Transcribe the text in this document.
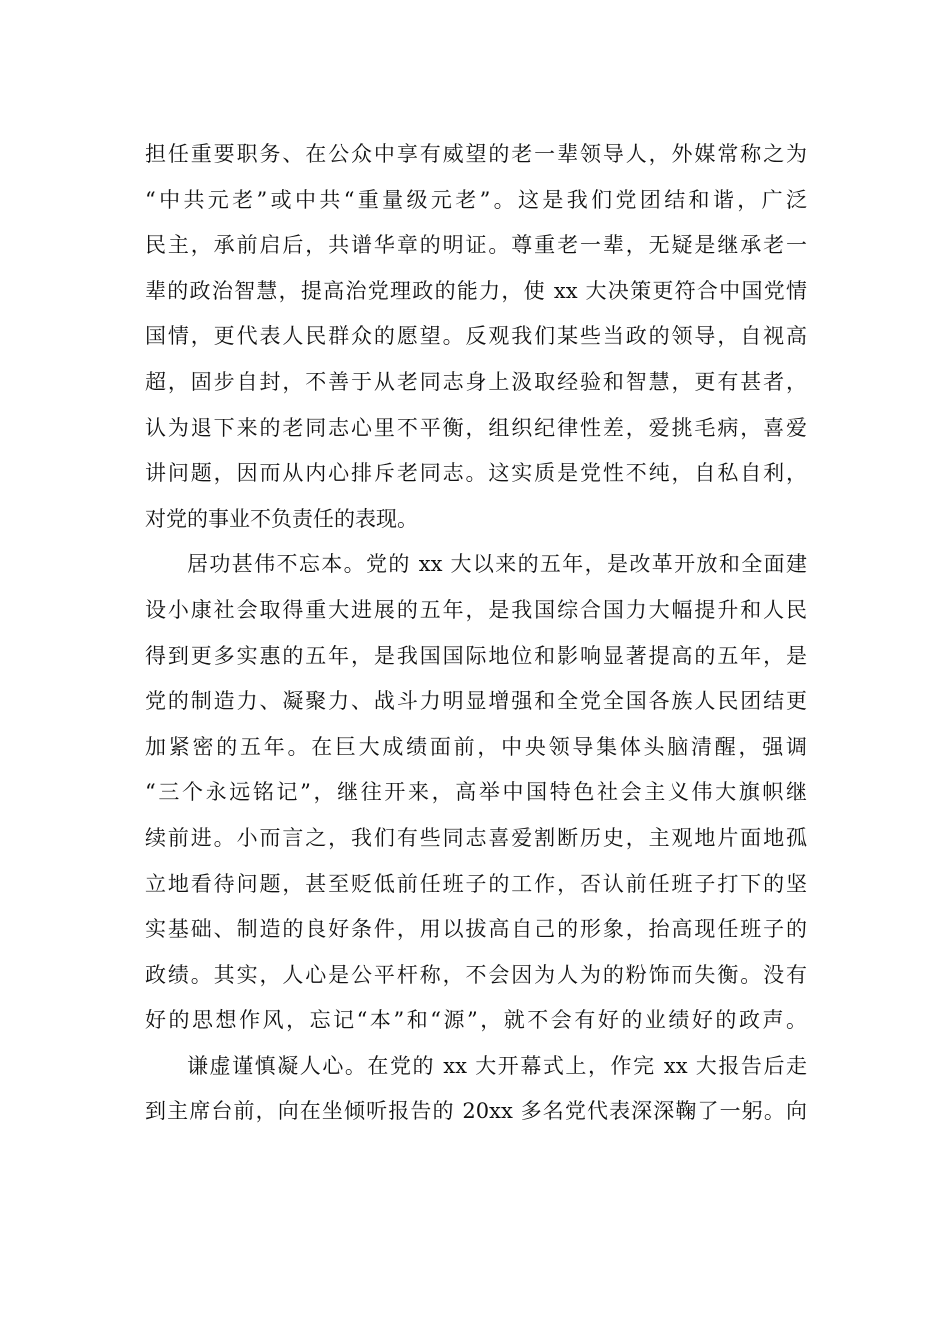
担任重要职务、在公众中享有威望的老一辈领导人，外媒常称之为
“中共元老”或中共“重量级元老”。这是我们党团结和谐，广泛
民主，承前启后，共谱华章的明证。尊重老一辈，无疑是继承老一
辈的政治智慧，提高治党理政的能力，使 xx 大决策更符合中国党情
国情，更代表人民群众的愿望。反观我们某些当政的领导，自视高
超，固步自封，不善于从老同志身上汲取经验和智慧，更有甚者，
认为退下来的老同志心里不平衡，组织纪律性差，爱挑毛病，喜爱
讲问题，因而从内心排斥老同志。这实质是党性不纯，自私自利，
对党的事业不负责任的表现。
居功甚伟不忘本。党的 xx 大以来的五年，是改革开放和全面建
设小康社会取得重大进展的五年，是我国综合国力大幅提升和人民
得到更多实惠的五年，是我国国际地位和影响显著提高的五年，是
党的制造力、凝聚力、战斗力明显增强和全党全国各族人民团结更
加紧密的五年。在巨大成绩面前，中央领导集体头脑清醒，强调
“三个永远铭记”，继往开来，高举中国特色社会主义伟大旗帜继
续前进。小而言之，我们有些同志喜爱割断历史，主观地片面地孤
立地看待问题，甚至贬低前任班子的工作，否认前任班子打下的坚
实基础、制造的良好条件，用以拔高自己的形象，抬高现任班子的
政绩。其实，人心是公平杆称，不会因为人为的粉饰而失衡。没有
好的思想作风，忘记“本”和“源”，就不会有好的业绩好的政声。
谦虚谨慎凝人心。在党的 xx 大开幕式上，作完 xx 大报告后走
到主席台前，向在坐倾听报告的 20xx 多名党代表深深鞠了一躬。向
